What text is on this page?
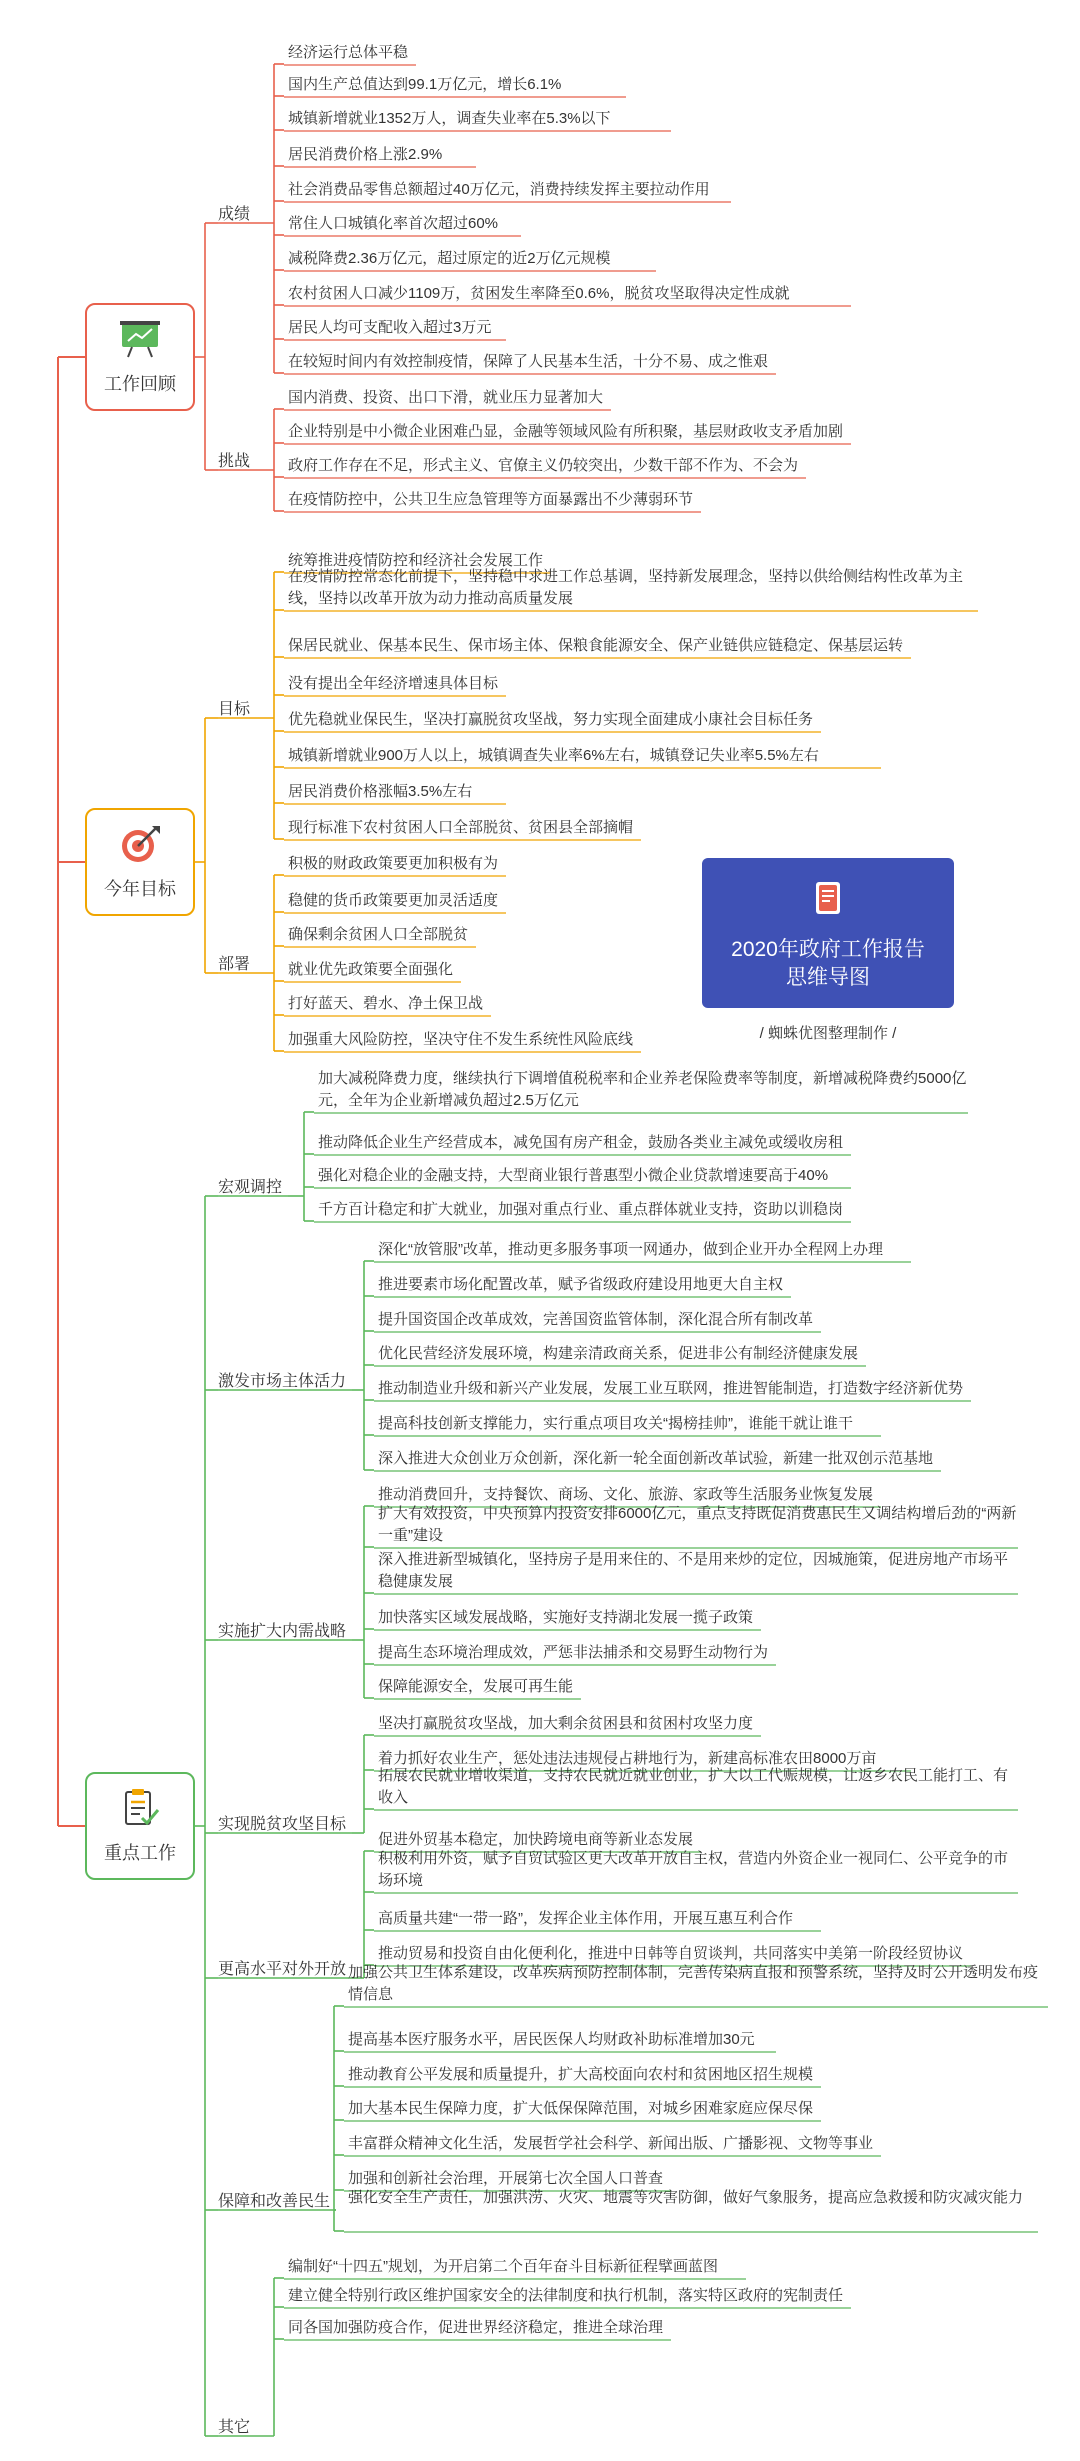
工作回顾
成绩
经济运行总体平稳
国内生产总值达到99.1万亿元，增长6.1%
城镇新增就业1352万人，调查失业率在5.3%以下
居民消费价格上涨2.9%
社会消费品零售总额超过40万亿元，消费持续发挥主要拉动作用
常住人口城镇化率首次超过60%
减税降费2.36万亿元，超过原定的近2万亿元规模
农村贫困人口减少1109万，贫困发生率降至0.6%，脱贫攻坚取得决定性成就
居民人均可支配收入超过3万元
在较短时间内有效控制疫情，保障了人民基本生活，十分不易、成之惟艰
挑战
国内消费、投资、出口下滑，就业压力显著加大
企业特别是中小微企业困难凸显，金融等领域风险有所积聚，基层财政收支矛盾加剧
政府工作存在不足，形式主义、官僚主义仍较突出，少数干部不作为、不会为
在疫情防控中，公共卫生应急管理等方面暴露出不少薄弱环节
今年目标
目标
统筹推进疫情防控和经济社会发展工作
在疫情防控常态化前提下，坚持稳中求进工作总基调，坚持新发展理念，坚持以供给侧结构性改革为主线，坚持以改革开放为动力推动高质量发展
保居民就业、保基本民生、保市场主体、保粮食能源安全、保产业链供应链稳定、保基层运转
没有提出全年经济增速具体目标
优先稳就业保民生，坚决打赢脱贫攻坚战，努力实现全面建成小康社会目标任务
城镇新增就业900万人以上，城镇调查失业率6%左右，城镇登记失业率5.5%左右
居民消费价格涨幅3.5%左右
现行标准下农村贫困人口全部脱贫、贫困县全部摘帽
部署
积极的财政政策要更加积极有为
稳健的货币政策要更加灵活适度
确保剩余贫困人口全部脱贫
就业优先政策要全面强化
打好蓝天、碧水、净土保卫战
加强重大风险防控，坚决守住不发生系统性风险底线
重点工作
宏观调控
加大减税降费力度，继续执行下调增值税税率和企业养老保险费率等制度，新增减税降费约5000亿元，全年为企业新增减负超过2.5万亿元
推动降低企业生产经营成本，减免国有房产租金，鼓励各类业主减免或缓收房租
强化对稳企业的金融支持，大型商业银行普惠型小微企业贷款增速要高于40%
千方百计稳定和扩大就业，加强对重点行业、重点群体就业支持，资助以训稳岗
激发市场主体活力
深化“放管服”改革，推动更多服务事项一网通办，做到企业开办全程网上办理
推进要素市场化配置改革，赋予省级政府建设用地更大自主权
提升国资国企改革成效，完善国资监管体制，深化混合所有制改革
优化民营经济发展环境，构建亲清政商关系，促进非公有制经济健康发展
推动制造业升级和新兴产业发展，发展工业互联网，推进智能制造，打造数字经济新优势
提高科技创新支撑能力，实行重点项目攻关“揭榜挂帅”，谁能干就让谁干
深入推进大众创业万众创新，深化新一轮全面创新改革试验，新建一批双创示范基地
实施扩大内需战略
推动消费回升，支持餐饮、商场、文化、旅游、家政等生活服务业恢复发展
扩大有效投资，中央预算内投资安排6000亿元，重点支持既促消费惠民生又调结构增后劲的“两新一重”建设
深入推进新型城镇化，坚持房子是用来住的、不是用来炒的定位，因城施策，促进房地产市场平稳健康发展
加快落实区域发展战略，实施好支持湖北发展一揽子政策
提高生态环境治理成效，严惩非法捕杀和交易野生动物行为
保障能源安全，发展可再生能
实现脱贫攻坚目标
坚决打赢脱贫攻坚战，加大剩余贫困县和贫困村攻坚力度
着力抓好农业生产，惩处违法违规侵占耕地行为，新建高标准农田8000万亩
拓展农民就业增收渠道，支持农民就近就业创业，扩大以工代赈规模，让返乡农民工能打工、有收入
更高水平对外开放
促进外贸基本稳定，加快跨境电商等新业态发展
积极利用外资，赋予自贸试验区更大改革开放自主权，营造内外资企业一视同仁、公平竞争的市场环境
高质量共建“一带一路”，发挥企业主体作用，开展互惠互利合作
推动贸易和投资自由化便利化，推进中日韩等自贸谈判，共同落实中美第一阶段经贸协议
保障和改善民生
加强公共卫生体系建设，改革疾病预防控制体制，完善传染病直报和预警系统，坚持及时公开透明发布疫情信息
提高基本医疗服务水平，居民医保人均财政补助标准增加30元
推动教育公平发展和质量提升，扩大高校面向农村和贫困地区招生规模
加大基本民生保障力度，扩大低保保障范围，对城乡困难家庭应保尽保
丰富群众精神文化生活，发展哲学社会科学、新闻出版、广播影视、文物等事业
加强和创新社会治理，开展第七次全国人口普查
强化安全生产责任，加强洪涝、火灾、地震等灾害防御，做好气象服务，提高应急救援和防灾减灾能力
其它
编制好“十四五”规划，为开启第二个百年奋斗目标新征程擘画蓝图
建立健全特别行政区维护国家安全的法律制度和执行机制，落实特区政府的宪制责任
同各国加强防疫合作，促进世界经济稳定，推进全球治理
2020年政府工作报告
思维导图
/ 蜘蛛优图整理制作 /
